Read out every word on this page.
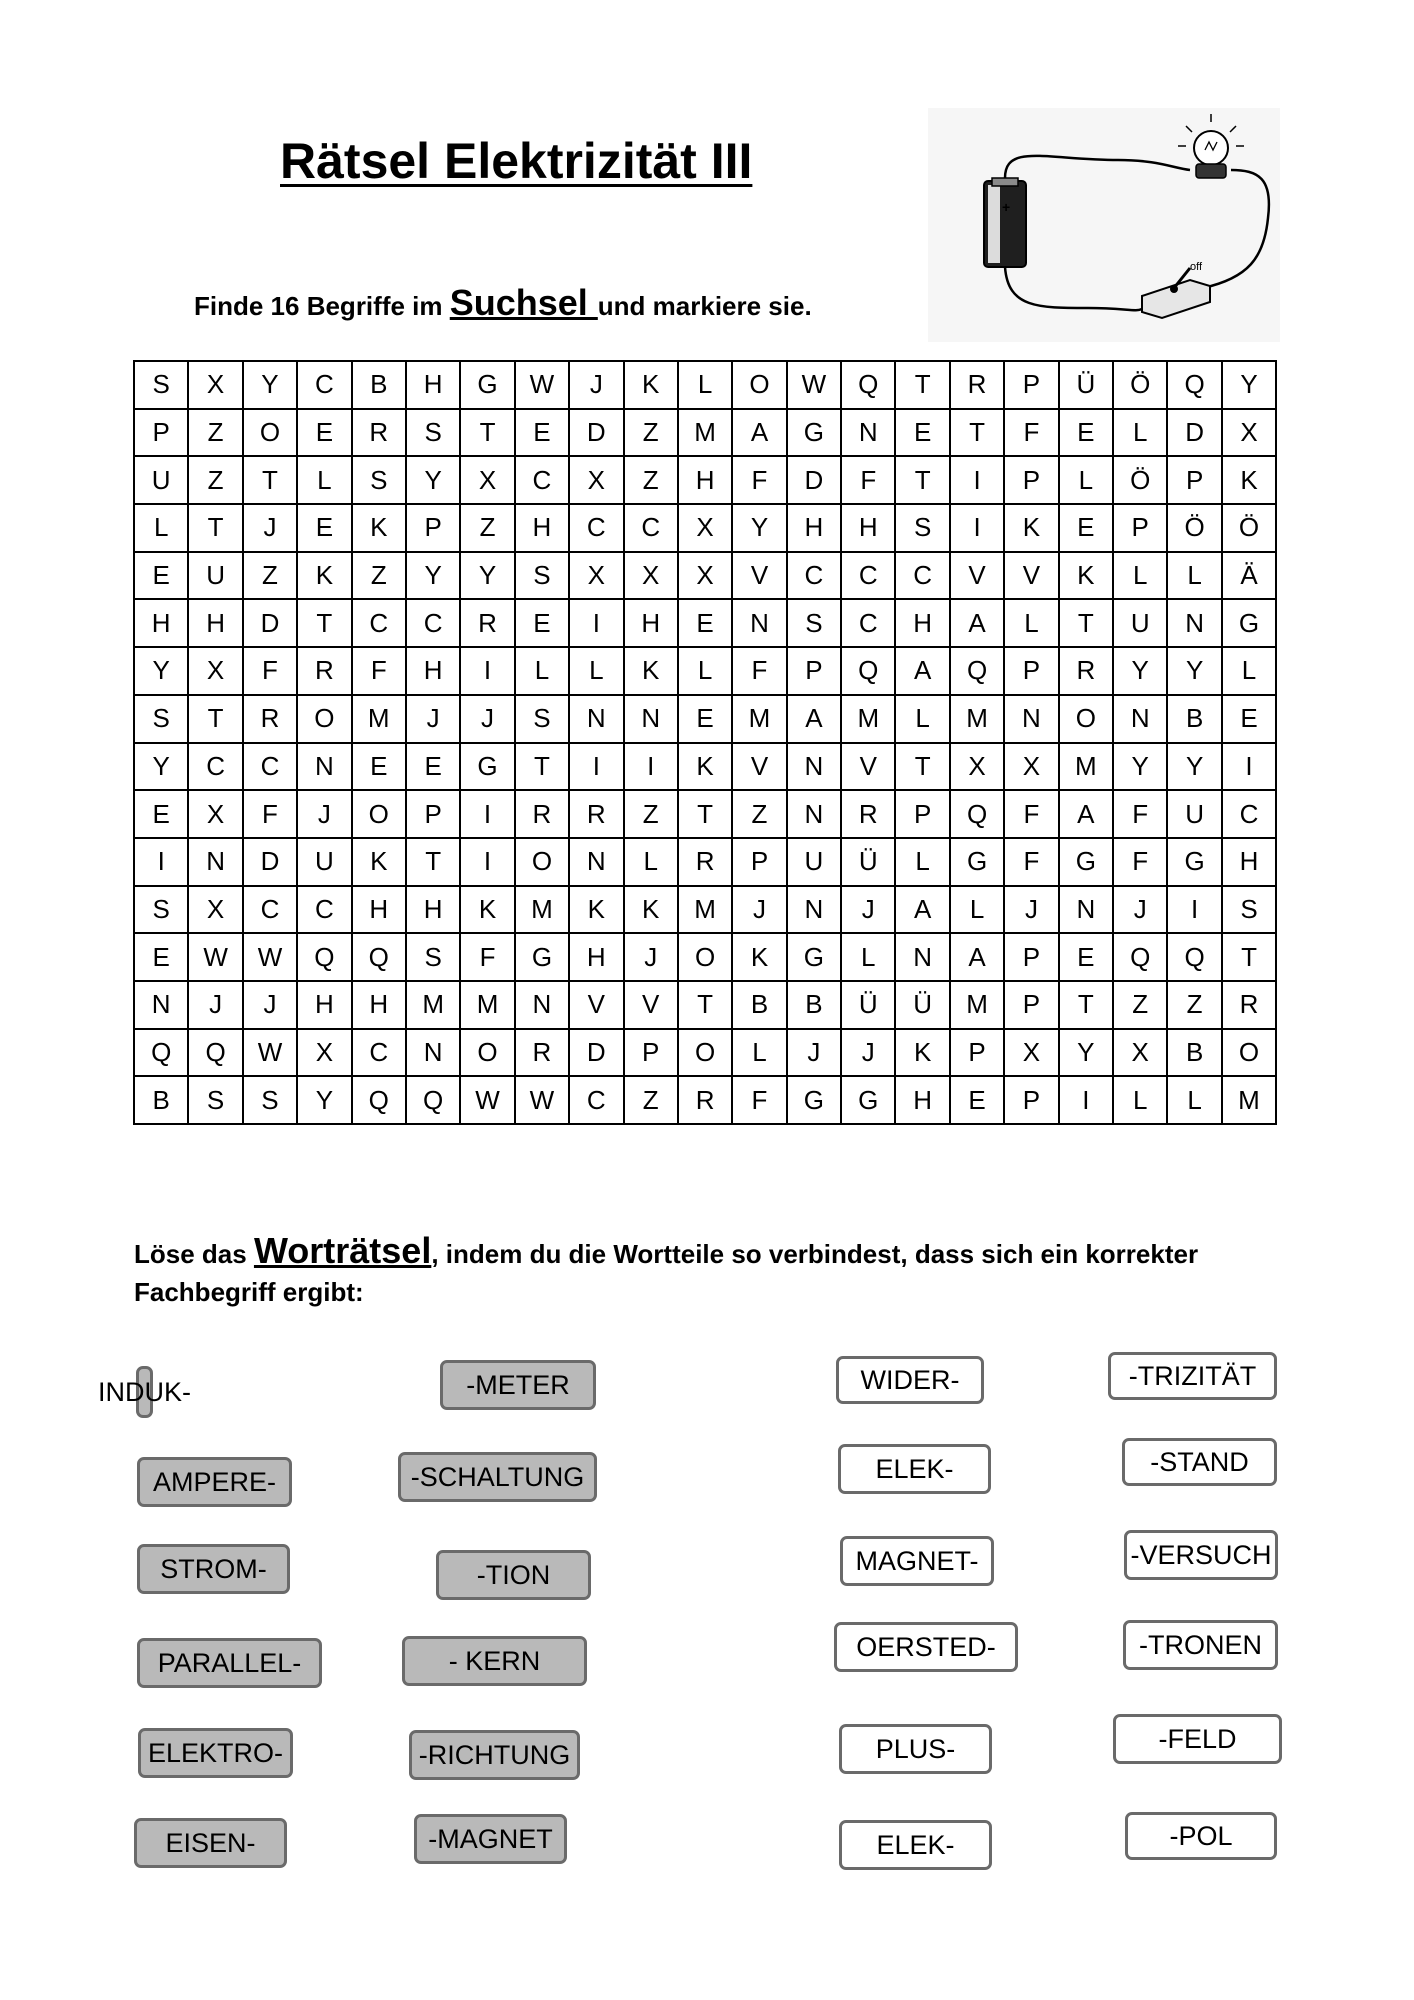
Rätsel Elektrizität III
Finde 16 Begriffe im Suchsel und markiere sie.
+
off
S	X	Y	C	B	H	G	W	J	K	L	O	W	Q	T	R	P	Ü	Ö	Q	Y
P	Z	O	E	R	S	T	E	D	Z	M	A	G	N	E	T	F	E	L	D	X
U	Z	T	L	S	Y	X	C	X	Z	H	F	D	F	T	I	P	L	Ö	P	K
L	T	J	E	K	P	Z	H	C	C	X	Y	H	H	S	I	K	E	P	Ö	Ö
E	U	Z	K	Z	Y	Y	S	X	X	X	V	C	C	C	V	V	K	L	L	Ä
H	H	D	T	C	C	R	E	I	H	E	N	S	C	H	A	L	T	U	N	G
Y	X	F	R	F	H	I	L	L	K	L	F	P	Q	A	Q	P	R	Y	Y	L
S	T	R	O	M	J	J	S	N	N	E	M	A	M	L	M	N	O	N	B	E
Y	C	C	N	E	E	G	T	I	I	K	V	N	V	T	X	X	M	Y	Y	I
E	X	F	J	O	P	I	R	R	Z	T	Z	N	R	P	Q	F	A	F	U	C
I	N	D	U	K	T	I	O	N	L	R	P	U	Ü	L	G	F	G	F	G	H
S	X	C	C	H	H	K	M	K	K	M	J	N	J	A	L	J	N	J	I	S
E	W	W	Q	Q	S	F	G	H	J	O	K	G	L	N	A	P	E	Q	Q	T
N	J	J	H	H	M	M	N	V	V	T	B	B	Ü	Ü	M	P	T	Z	Z	R
Q	Q	W	X	C	N	O	R	D	P	O	L	J	J	K	P	X	Y	X	B	O
B	S	S	Y	Q	Q	W	W	C	Z	R	F	G	G	H	E	P	I	L	L	M
Löse das Worträtsel, indem du die Wortteile so verbindest, dass sich ein korrekter Fachbegriff ergibt:
INDUK-	-METER	WIDER-	-TRIZITÄT
AMPERE-	-SCHALTUNG	ELEK-	-STAND
STROM-	-TION	MAGNET-	-VERSUCH
PARALLEL-	- KERN	OERSTED-	-TRONEN
ELEKTRO-	-RICHTUNG	PLUS-	-FELD
EISEN-	-MAGNET	ELEK-	-POL
